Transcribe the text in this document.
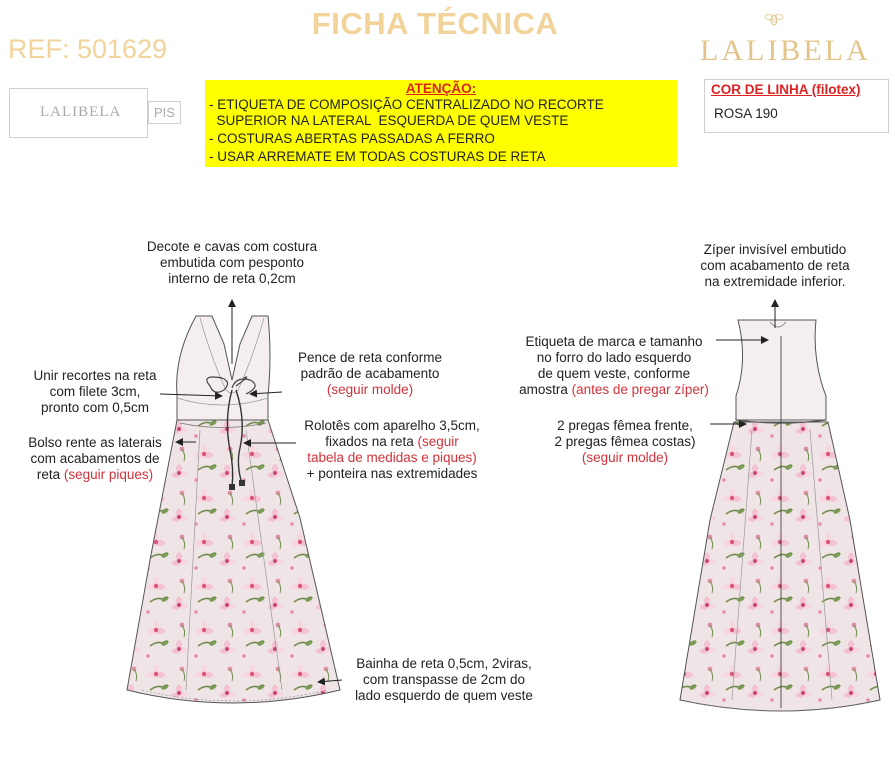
FICHA TÉCNICA
REF: 501629	LALIBELA
LALIBELA	PIS
ATENÇÃO:
- ETIQUETA DE COMPOSIÇÃO CENTRALIZADO NO RECORTE
SUPERIOR NA LATERAL  ESQUERDA DE QUEM VESTE
- COSTURAS ABERTAS PASSADAS A FERRO
- USAR ARREMATE EM TODAS COSTURAS DE RETA
COR DE LINHA (filotex)
ROSA 190
Decote e cavas com costura
embutida com pesponto
interno de reta 0,2cm
Pence de reta conforme
padrão de acabamento
(seguir molde)
Unir recortes na reta
com filete 3cm,
pronto com 0,5cm
Bolso rente as laterais
com acabamentos de
reta (seguir piques)
Rolotês com aparelho 3,5cm,
fixados na reta (seguir
tabela de medidas e piques)
+ ponteira nas extremidades
Bainha de reta 0,5cm, 2viras,
com transpasse de 2cm do
lado esquerdo de quem veste
Zíper invisível embutido
com acabamento de reta
na extremidade inferior.
Etiqueta de marca e tamanho
no forro do lado esquerdo
de quem veste, conforme
amostra (antes de pregar zíper)
2 pregas fêmea frente,
2 pregas fêmea costas)
(seguir molde)
